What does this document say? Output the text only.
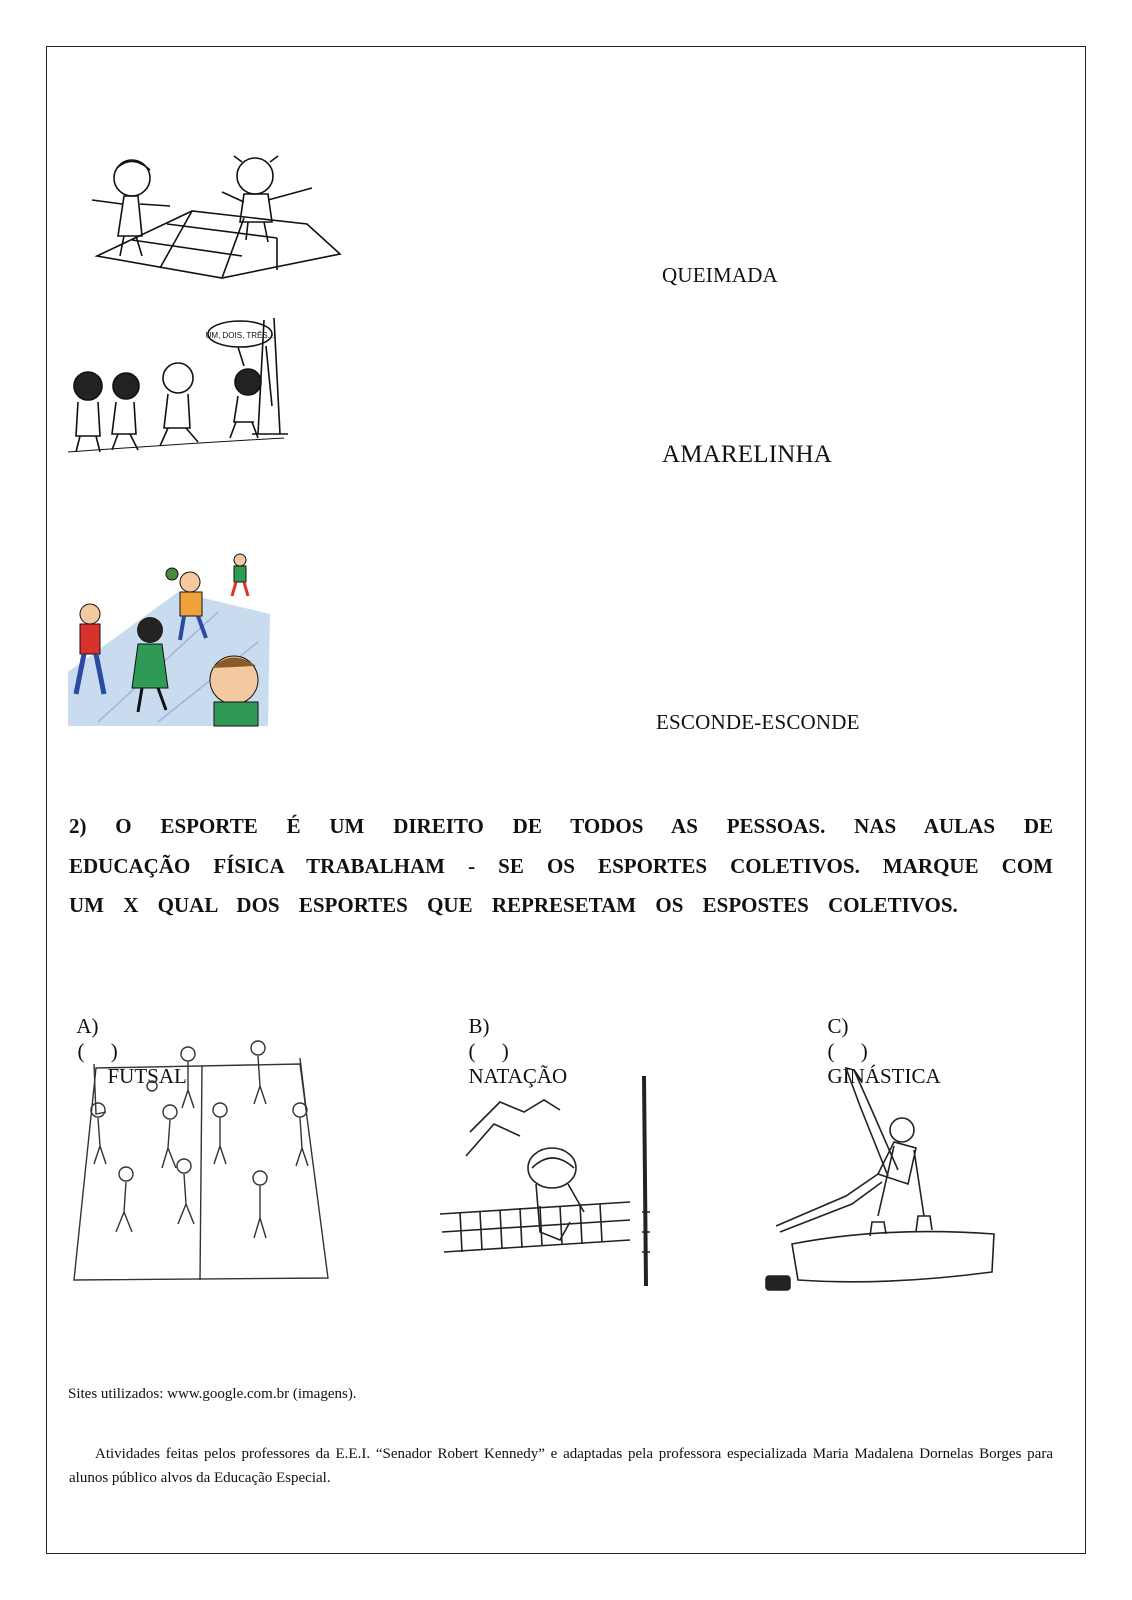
UM, DOIS, TRÊS...
QUEIMADA
AMARELINHA
ESCONDE-ESCONDE

2) O ESPORTE É UM DIREITO DE TODOS AS PESSOAS. NAS AULAS DE EDUCAÇÃO FÍSICA TRABALHAM - SE OS ESPORTES COLETIVOS. MARQUE COM UM X QUAL DOS ESPORTES QUE REPRESETAM OS ESPOSTES COLETIVOS.

A)
(     )
FUTSAL

B)
(     )
NATAÇÃO

C)
(     )
GINÁSTICA

Sites utilizados: www.google.com.br (imagens).

Atividades feitas pelos professores da E.E.I. “Senador Robert Kennedy” e adaptadas pela professora especializada Maria Madalena Dornelas Borges para alunos público alvos da Educação Especial.
